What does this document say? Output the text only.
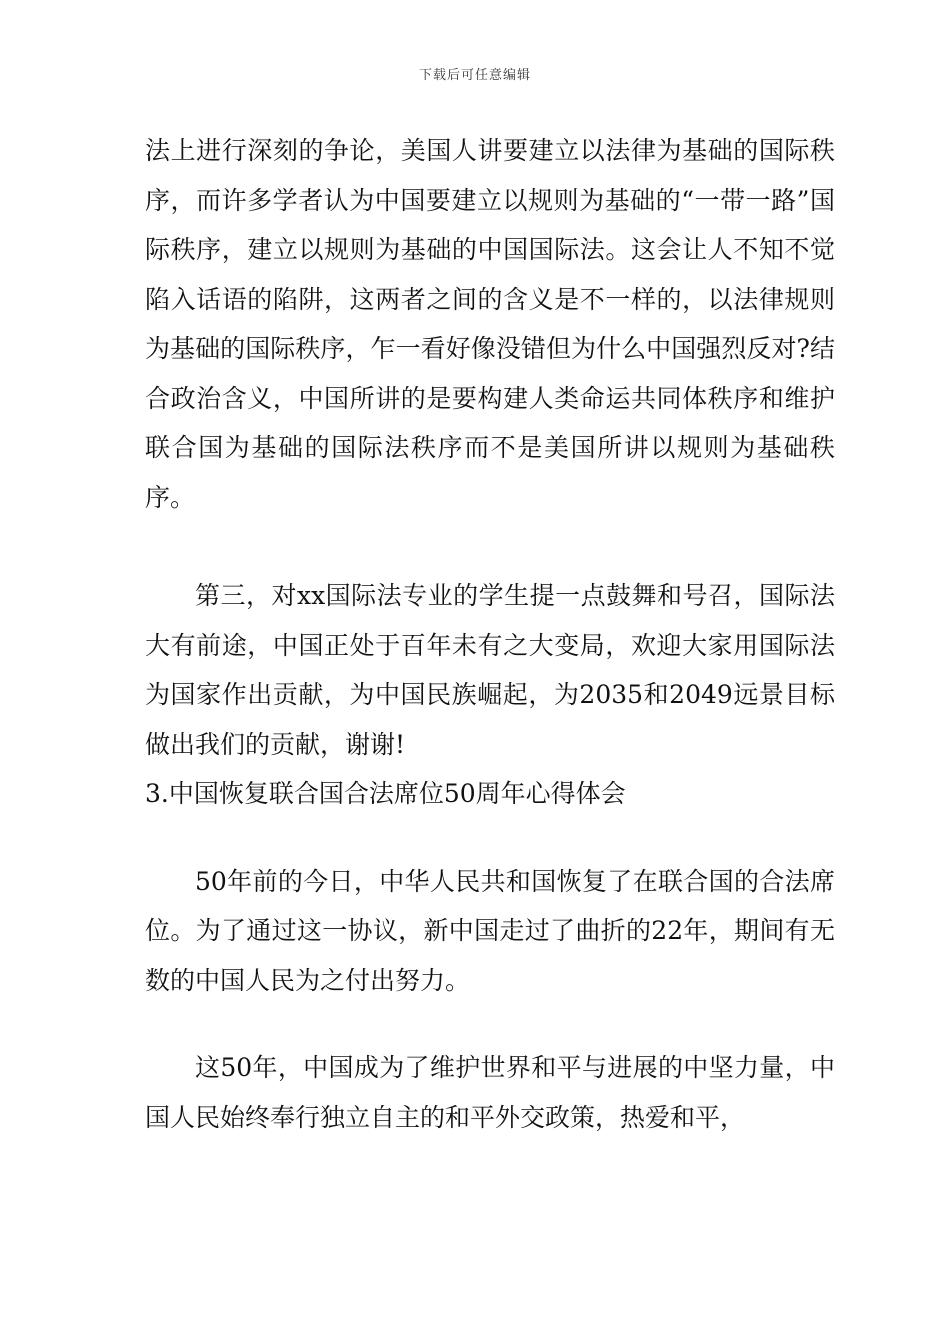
下载后可任意编辑

法上进行深刻的争论，美国人讲要建立以法律为基础的国际秩序，而许多学者认为中国要建立以规则为基础的“一带一路”国际秩序，建立以规则为基础的中国国际法。这会让人不知不觉陷入话语的陷阱，这两者之间的含义是不一样的，以法律规则为基础的国际秩序，乍一看好像没错但为什么中国强烈反对?结合政治含义，中国所讲的是要构建人类命运共同体秩序和维护联合国为基础的国际法秩序而不是美国所讲以规则为基础秩序。

第三，对xx国际法专业的学生提一点鼓舞和号召，国际法大有前途，中国正处于百年未有之大变局，欢迎大家用国际法为国家作出贡献，为中国民族崛起，为2035和2049远景目标做出我们的贡献，谢谢!

3.中国恢复联合国合法席位50周年心得体会

50年前的今日，中华人民共和国恢复了在联合国的合法席位。为了通过这一协议，新中国走过了曲折的22年，期间有无数的中国人民为之付出努力。

这50年，中国成为了维护世界和平与进展的中坚力量，中国人民始终奉行独立自主的和平外交政策，热爱和平，
